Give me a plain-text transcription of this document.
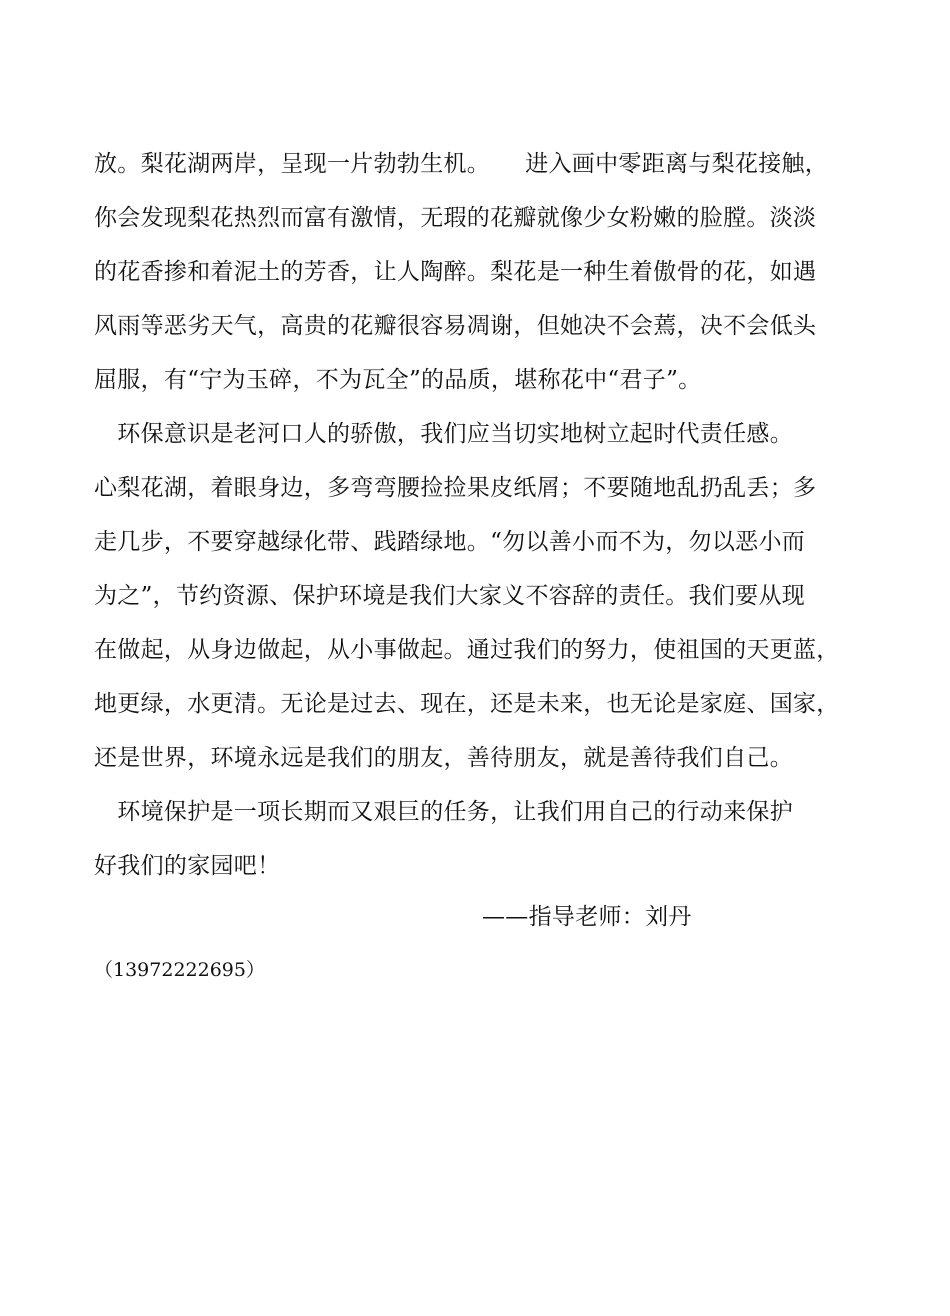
放。梨花湖两岸，呈现一片勃勃生机。　　进入画中零距离与梨花接触，
你会发现梨花热烈而富有激情，无瑕的花瓣就像少女粉嫩的脸膛。淡淡
的花香掺和着泥土的芳香，让人陶醉。梨花是一种生着傲骨的花，如遇
风雨等恶劣天气，高贵的花瓣很容易凋谢，但她决不会蔫，决不会低头
屈服，有“宁为玉碎，不为瓦全”的品质，堪称花中“君子”。
　环保意识是老河口人的骄傲，我们应当切实地树立起时代责任感。
心梨花湖，着眼身边，多弯弯腰捡捡果皮纸屑；不要随地乱扔乱丢；多
走几步，不要穿越绿化带、践踏绿地。“勿以善小而不为，勿以恶小而
为之”，节约资源、保护环境是我们大家义不容辞的责任。我们要从现
在做起，从身边做起，从小事做起。通过我们的努力，使祖国的天更蓝，
地更绿，水更清。无论是过去、现在，还是未来，也无论是家庭、国家，
还是世界，环境永远是我们的朋友，善待朋友，就是善待我们自己。
　环境保护是一项长期而又艰巨的任务，让我们用自己的行动来保护
好我们的家园吧！
——指导老师：刘丹
（13972222695）
